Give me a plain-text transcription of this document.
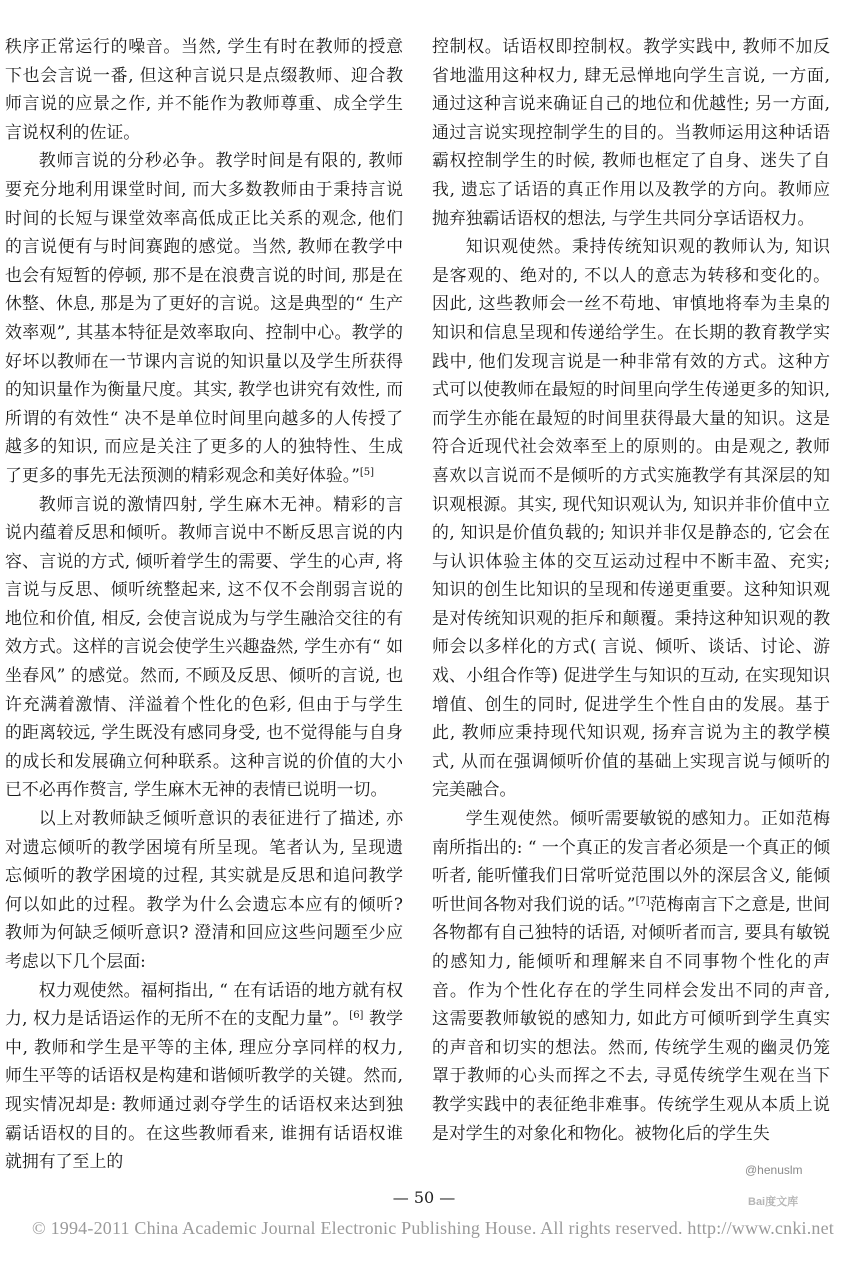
秩序正常运行的噪音。当然, 学生有时在教师的授意下也会言说一番, 但这种言说只是点缀教师、迎合教师言说的应景之作, 并不能作为教师尊重、成全学生言说权利的佐证。

教师言说的分秒必争。教学时间是有限的, 教师要充分地利用课堂时间, 而大多数教师由于秉持言说时间的长短与课堂效率高低成正比关系的观念, 他们的言说便有与时间赛跑的感觉。当然, 教师在教学中也会有短暂的停顿, 那不是在浪费言说的时间, 那是在休整、休息, 那是为了更好的言说。这是典型的“ 生产效率观”, 其基本特征是效率取向、控制中心。教学的好坏以教师在一节课内言说的知识量以及学生所获得的知识量作为衡量尺度。其实, 教学也讲究有效性, 而所谓的有效性“ 决不是单位时间里向越多的人传授了越多的知识, 而应是关注了更多的人的独特性、生成了更多的事先无法预测的精彩观念和美好体验。”[5]

教师言说的激情四射, 学生麻木无神。精彩的言说内蕴着反思和倾听。教师言说中不断反思言说的内容、言说的方式, 倾听着学生的需要、学生的心声, 将言说与反思、倾听统整起来, 这不仅不会削弱言说的地位和价值, 相反, 会使言说成为与学生融洽交往的有效方式。这样的言说会使学生兴趣盎然, 学生亦有“ 如坐春风” 的感觉。然而, 不顾及反思、倾听的言说, 也许充满着激情、洋溢着个性化的色彩, 但由于与学生的距离较远, 学生既没有感同身受, 也不觉得能与自身的成长和发展确立何种联系。这种言说的价值的大小已不必再作赘言, 学生麻木无神的表情已说明一切。

以上对教师缺乏倾听意识的表征进行了描述, 亦对遗忘倾听的教学困境有所呈现。笔者认为, 呈现遗忘倾听的教学困境的过程, 其实就是反思和追问教学何以如此的过程。教学为什么会遗忘本应有的倾听? 教师为何缺乏倾听意识? 澄清和回应这些问题至少应考虑以下几个层面:

权力观使然。福柯指出, “ 在有话语的地方就有权力, 权力是话语运作的无所不在的支配力量”。[6] 教学中, 教师和学生是平等的主体, 理应分享同样的权力, 师生平等的话语权是构建和谐倾听教学的关键。然而, 现实情况却是: 教师通过剥夺学生的话语权来达到独霸话语权的目的。在这些教师看来, 谁拥有话语权谁就拥有了至上的

控制权。话语权即控制权。教学实践中, 教师不加反省地滥用这种权力, 肆无忌惮地向学生言说, 一方面, 通过这种言说来确证自己的地位和优越性; 另一方面, 通过言说实现控制学生的目的。当教师运用这种话语霸权控制学生的时候, 教师也框定了自身、迷失了自我, 遗忘了话语的真正作用以及教学的方向。教师应抛弃独霸话语权的想法, 与学生共同分享话语权力。

知识观使然。秉持传统知识观的教师认为, 知识是客观的、绝对的, 不以人的意志为转移和变化的。因此, 这些教师会一丝不苟地、审慎地将奉为圭臬的知识和信息呈现和传递给学生。在长期的教育教学实践中, 他们发现言说是一种非常有效的方式。这种方式可以使教师在最短的时间里向学生传递更多的知识, 而学生亦能在最短的时间里获得最大量的知识。这是符合近现代社会效率至上的原则的。由是观之, 教师喜欢以言说而不是倾听的方式实施教学有其深层的知识观根源。其实, 现代知识观认为, 知识并非价值中立的, 知识是价值负载的; 知识并非仅是静态的, 它会在与认识体验主体的交互运动过程中不断丰盈、充实; 知识的创生比知识的呈现和传递更重要。这种知识观是对传统知识观的拒斥和颠覆。秉持这种知识观的教师会以多样化的方式( 言说、倾听、谈话、讨论、游戏、小组合作等) 促进学生与知识的互动, 在实现知识增值、创生的同时, 促进学生个性自由的发展。基于此, 教师应秉持现代知识观, 扬弃言说为主的教学模式, 从而在强调倾听价值的基础上实现言说与倾听的完美融合。

学生观使然。倾听需要敏锐的感知力。正如范梅南所指出的: “ 一个真正的发言者必须是一个真正的倾听者, 能听懂我们日常听觉范围以外的深层含义, 能倾听世间各物对我们说的话。”[7]范梅南言下之意是, 世间各物都有自己独特的话语, 对倾听者而言, 要具有敏锐的感知力, 能倾听和理解来自不同事物个性化的声音。作为个性化存在的学生同样会发出不同的声音, 这需要教师敏锐的感知力, 如此方可倾听到学生真实的声音和切实的想法。然而, 传统学生观的幽灵仍笼罩于教师的心头而挥之不去, 寻觅传统学生观在当下教学实践中的表征绝非难事。传统学生观从本质上说是对学生的对象化和物化。被物化后的学生失

— 50 —
@henuslm
Bai度文库
© 1994-2011 China Academic Journal Electronic Publishing House. All rights reserved. http://www.cnki.net
